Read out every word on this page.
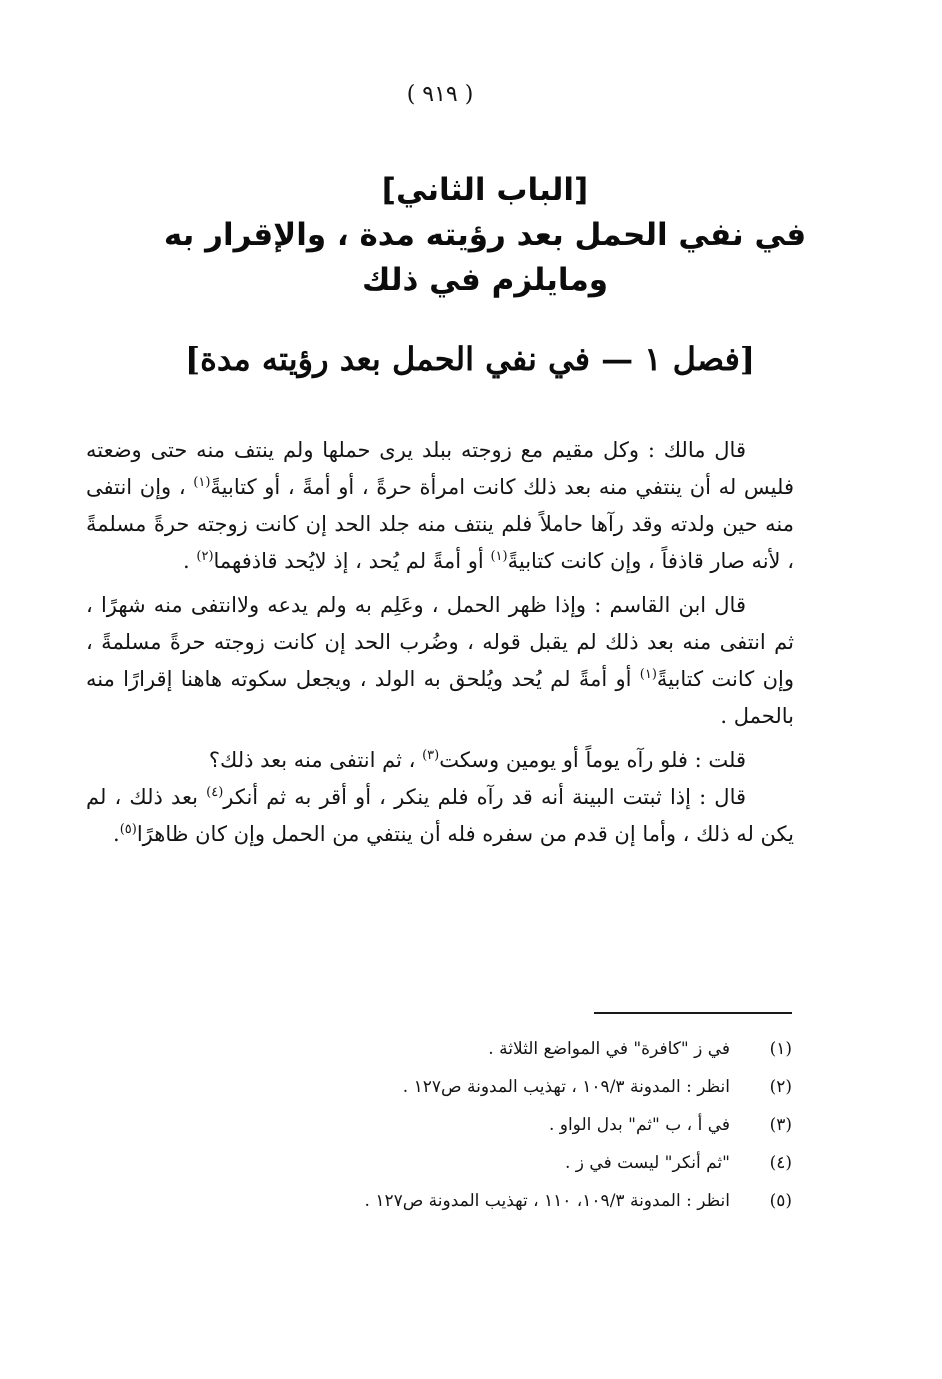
( ٩١٩ )
[الباب الثاني]
في نفي الحمل بعد رؤيته مدة ، والإقرار به
ومايلزم في ذلك
[فصل ١ — في نفي الحمل بعد رؤيته مدة]

قال مالك : وكل مقيم مع زوجته ببلد يرى حملها ولم ينتف منه حتى وضعته فليس له أن ينتفي منه بعد ذلك كانت امرأة حرةً ، أو أمةً ، أو كتابيةً$^{(١)}$ ، وإن انتفى منه حين ولدته وقد رآها حاملاً فلم ينتف منه جلد الحد إن كانت زوجته حرةً مسلمةً ، لأنه صار قاذفاً ، وإن كانت كتابيةً$^{(١)}$ أو أمةً لم يُحد ، إذ لايُحد قاذفهما$^{(٢)}$ .

قال ابن القاسم : وإذا ظهر الحمل ، وعَلِم به ولم يدعه ولاانتفى منه شهرًا ، ثم انتفى منه بعد ذلك لم يقبل قوله ، وضُرب الحد إن كانت زوجته حرةً مسلمةً ، وإن كانت كتابيةً$^{(١)}$ أو أمةً لم يُحد ويُلحق به الولد ، ويجعل سكوته هاهنا إقرارًا منه بالحمل .

قلت : فلو رآه يوماً أو يومين وسكت$^{(٣)}$ ، ثم انتفى منه بعد ذلك؟

قال : إذا ثبتت البينة أنه قد رآه فلم ينكر ، أو أقر به ثم أنكر$^{(٤)}$ بعد ذلك ، لم يكن له ذلك ، وأما إن قدم من سفره فله أن ينتفي من الحمل وإن كان ظاهرًا$^{(٥)}$.

(١)
في ز "كافرة" في المواضع الثلاثة .
(٢)
انظر : المدونة ١٠٩/٣ ، تهذيب المدونة ص١٢٧ .
(٣)
في أ ، ب "ثم" بدل الواو .
(٤)
"ثم أنكر" ليست في ز .
(٥)
انظر : المدونة ١٠٩/٣، ١١٠ ، تهذيب المدونة ص١٢٧ .
